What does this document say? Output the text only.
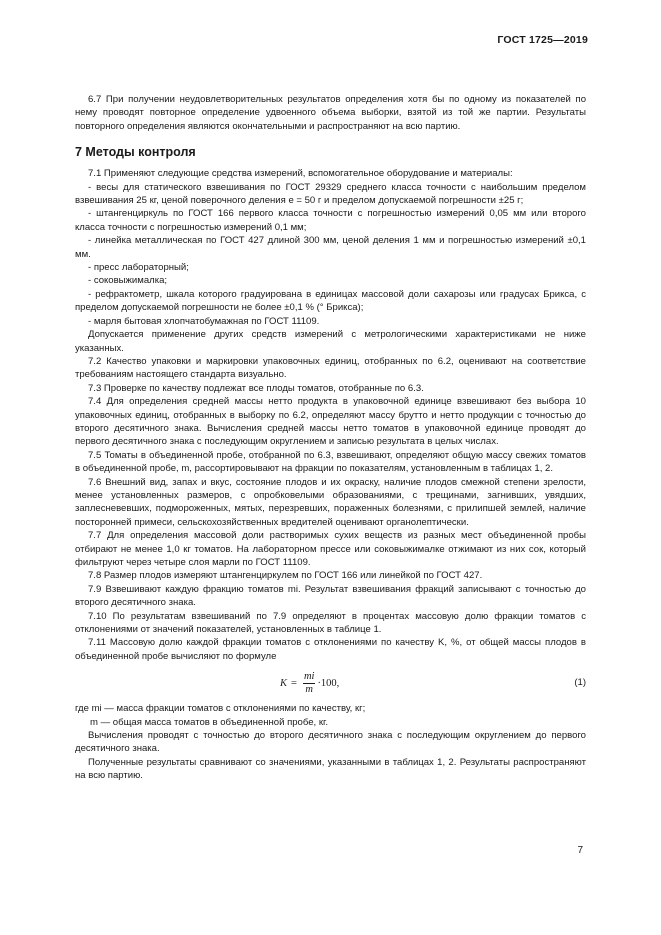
ГОСТ 1725—2019

6.7 При получении неудовлетворительных результатов определения хотя бы по одному из показателей по нему проводят повторное определение удвоенного объема выборки, взятой из той же партии. Результаты повторного определения являются окончательными и распространяют на всю партию.

7 Методы контроля

7.1 Применяют следующие средства измерений, вспомогательное оборудование и материалы:

- весы для статического взвешивания по ГОСТ 29329 среднего класса точности с наибольшим пределом взвешивания 25 кг, ценой поверочного деления e = 50 г и пределом допускаемой погрешности ±25 г;

- штангенциркуль по ГОСТ 166 первого класса точности с погрешностью измерений 0,05 мм или второго класса точности с погрешностью измерений 0,1 мм;

- линейка металлическая по ГОСТ 427 длиной 300 мм, ценой деления 1 мм и погрешностью измерений ±0,1 мм.

- пресс лабораторный;

- соковыжималка;

- рефрактометр, шкала которого градуирована в единицах массовой доли сахарозы или градусах Брикса, с пределом допускаемой погрешности не более ±0,1 % (° Брикса);

- марля бытовая хлопчатобумажная по ГОСТ 11109.

Допускается применение других средств измерений с метрологическими характеристиками не ниже указанных.

7.2 Качество упаковки и маркировки упаковочных единиц, отобранных по 6.2, оценивают на соответствие требованиям настоящего стандарта визуально.

7.3 Проверке по качеству подлежат все плоды томатов, отобранные по 6.3.

7.4 Для определения средней массы нетто продукта в упаковочной единице взвешивают без выбора 10 упаковочных единиц, отобранных в выборку по 6.2, определяют массу брутто и нетто продукции с точностью до второго десятичного знака. Вычисления средней массы нетто томатов в упаковочной единице проводят до первого десятичного знака с последующим округлением и записью результата в целых числах.

7.5 Томаты в объединенной пробе, отобранной по 6.3, взвешивают, определяют общую массу свежих томатов в объединенной пробе, m, рассортировывают на фракции по показателям, установленным в таблицах 1, 2.

7.6 Внешний вид, запах и вкус, состояние плодов и их окраску, наличие плодов смежной степени зрелости, менее установленных размеров, с опробковелыми образованиями, с трещинами, загнивших, увядших, заплесневевших, подмороженных, мятых, перезревших, пораженных болезнями, с прилипшей землей, наличие посторонней примеси, сельскохозяйственных вредителей оценивают органолептически.

7.7 Для определения массовой доли растворимых сухих веществ из разных мест объединенной пробы отбирают не менее 1,0 кг томатов. На лабораторном прессе или соковыжималке отжимают из них сок, который фильтруют через четыре слоя марли по ГОСТ 11109.

7.8 Размер плодов измеряют штангенциркулем по ГОСТ 166 или линейкой по ГОСТ 427.

7.9 Взвешивают каждую фракцию томатов mi. Результат взвешивания фракций записывают с точностью до второго десятичного знака.

7.10 По результатам взвешиваний по 7.9 определяют в процентах массовую долю фракции томатов с отклонениями от значений показателей, установленных в таблице 1.

7.11 Массовую долю каждой фракции томатов с отклонениями по качеству K, %, от общей массы плодов в объединенной пробе вычисляют по формуле

$K = \frac{mi}{m} \cdot 100$,	(1)

где mi — масса фракции томатов с отклонениями по качеству, кг;

m — общая масса томатов в объединенной пробе, кг.

Вычисления проводят с точностью до второго десятичного знака с последующим округлением до первого десятичного знака.

Полученные результаты сравнивают со значениями, указанными в таблицах 1, 2. Результаты распространяют на всю партию.

7
